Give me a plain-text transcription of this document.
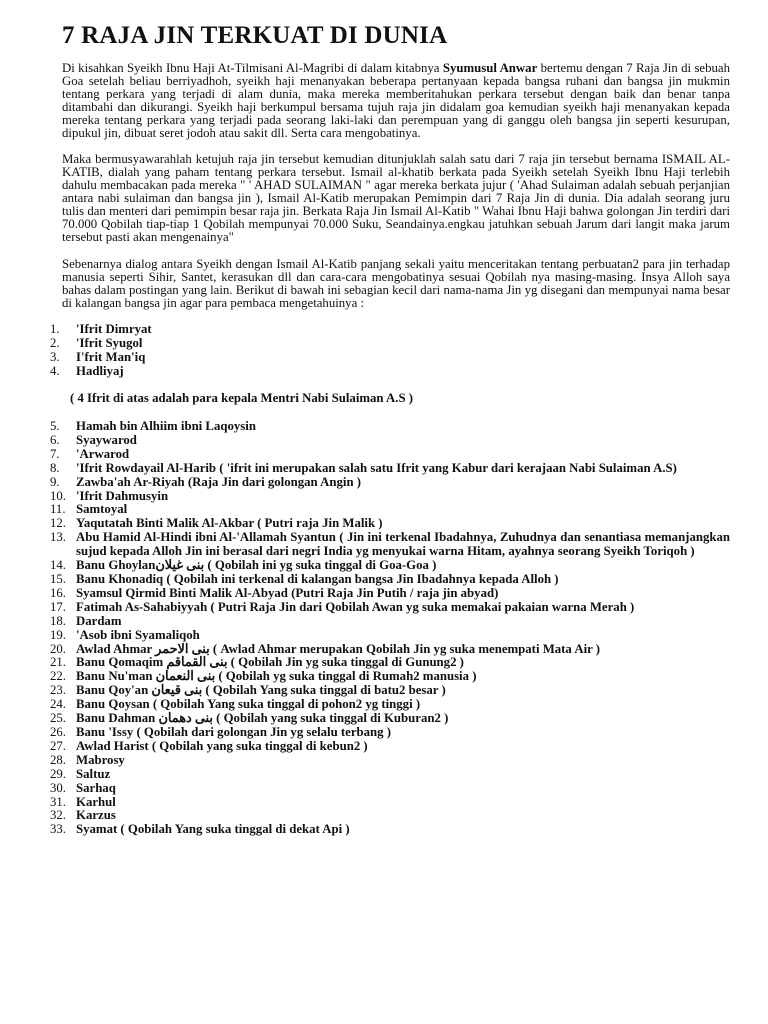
7 RAJA JIN TERKUAT DI DUNIA

Di kisahkan Syeikh Ibnu Haji At-Tilmisani Al-Magribi di dalam kitabnya Syumusul Anwar bertemu dengan 7 Raja Jin di sebuah Goa setelah beliau berriyadhoh, syeikh haji menanyakan beberapa pertanyaan kepada bangsa ruhani dan bangsa jin mukmin tentang perkara yang terjadi di alam dunia, maka mereka memberitahukan perkara tersebut dengan baik dan benar tanpa ditambahi dan dikurangi. Syeikh haji berkumpul bersama tujuh raja jin didalam goa kemudian syeikh haji menanyakan kepada mereka tentang perkara yang terjadi pada seorang laki-laki dan perempuan yang di ganggu oleh bangsa jin seperti kesurupan, dipukul jin, dibuat seret jodoh atau sakit dll. Serta cara mengobatinya.

Maka bermusyawarahlah ketujuh raja jin tersebut kemudian ditunjuklah salah satu dari 7 raja jin tersebut bernama ISMAIL AL-KATIB, dialah yang paham tentang perkara tersebut. Ismail al-khatib berkata pada Syeikh setelah Syeikh Ibnu Haji terlebih dahulu membacakan pada mereka " ' AHAD SULAIMAN " agar mereka berkata jujur ( 'Ahad Sulaiman adalah sebuah perjanjian antara nabi sulaiman dan bangsa jin ), Ismail Al-Katib merupakan Pemimpin dari 7 Raja Jin di dunia. Dia adalah seorang juru tulis dan menteri dari pemimpin besar raja jin. Berkata Raja Jin Ismail Al-Katib " Wahai Ibnu Haji bahwa golongan Jin terdiri dari 70.000 Qobilah tiap-tiap 1 Qobilah mempunyai 70.000 Suku, Seandainya.engkau jatuhkan sebuah Jarum dari langit maka jarum tersebut pasti akan mengenainya"

Sebenarnya dialog antara Syeikh dengan Ismail Al-Katib panjang sekali yaitu menceritakan tentang perbuatan2 para jin terhadap manusia seperti Sihir, Santet, kerasukan dll dan cara-cara mengobatinya sesuai Qobilah nya masing-masing. Insya Alloh saya bahas dalam postingan yang lain. Berikut di bawah ini sebagian kecil dari nama-nama Jin yg disegani dan mempunyai nama besar di kalangan bangsa jin agar para pembaca mengetahuinya :

1.	'Ifrit Dimryat
2.	'Ifrit Syugol
3.	I'frit Man'iq
4.	Hadliyaj
( 4 Ifrit di atas adalah para kepala Mentri Nabi Sulaiman A.S )
5.	Hamah bin Alhiim ibni Laqoysin
6.	Syaywarod
7.	'Arwarod
8.	'Ifrit Rowdayail Al-Harib ( 'ifrit ini merupakan salah satu Ifrit yang Kabur dari kerajaan Nabi Sulaiman A.S)
9.	Zawba'ah Ar-Riyah (Raja Jin dari golongan Angin )
10. 'Ifrit Dahmusyin
11. Samtoyal
12. Yaqutatah Binti Malik Al-Akbar ( Putri raja Jin Malik )
13. Abu Hamid Al-Hindi ibni Al-'Allamah Syantun ( Jin ini terkenal Ibadahnya, Zuhudnya dan senantiasa memanjangkan sujud kepada Alloh Jin ini berasal dari negri India yg menyukai warna Hitam, ayahnya seorang Syeikh Toriqoh )
14. Banu Ghoylanبنى غيلان ( Qobilah ini yg suka tinggal di Goa-Goa )
15. Banu Khonadiq ( Qobilah ini terkenal di kalangan bangsa Jin Ibadahnya kepada Alloh )
16. Syamsul Qirmid Binti Malik Al-Abyad (Putri Raja Jin Putih / raja jin abyad)
17. Fatimah As-Sahabiyyah ( Putri Raja Jin dari Qobilah Awan yg suka memakai pakaian warna Merah )
18. Dardam
19. 'Asob ibni Syamaliqoh
20. Awlad Ahmar بنى الاحمر ( Awlad Ahmar merupakan Qobilah Jin yg suka menempati Mata Air )
21. Banu Qomaqim بنى القماقم ( Qobilah Jin yg suka tinggal di Gunung2 )
22. Banu Nu'man بنى النعمان ( Qobilah yg suka tinggal di Rumah2 manusia )
23. Banu Qoy'an بنى قيعان ( Qobilah Yang suka tinggal di batu2 besar )
24. Banu Qoysan ( Qobilah Yang suka tinggal di pohon2 yg tinggi )
25. Banu Dahman بنى دهمان ( Qobilah yang suka tinggal di Kuburan2 )
26. Banu 'Issy ( Qobilah dari golongan Jin yg selalu terbang )
27. Awlad Harist ( Qobilah yang suka tinggal di kebun2 )
28. Mabrosy
29. Saltuz
30. Sarhaq
31. Karhul
32. Karzus
33. Syamat ( Qobilah Yang suka tinggal di dekat Api )
